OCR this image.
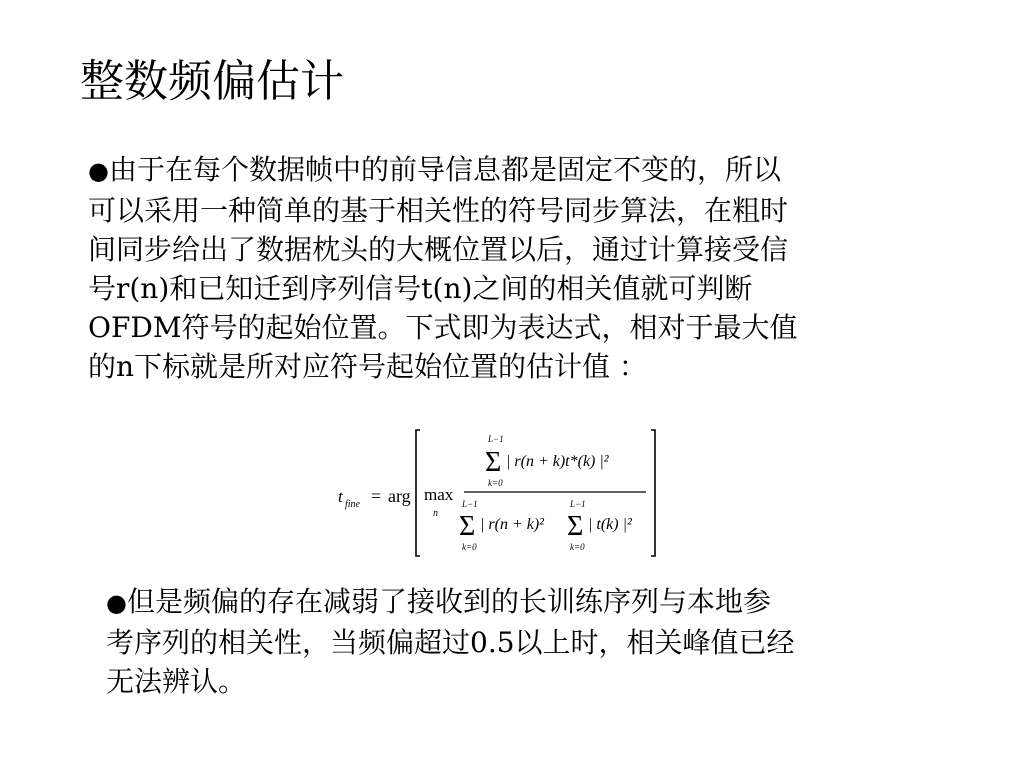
整数频偏估计
●由于在每个数据帧中的前导信息都是固定不变的，所以
可以采用一种简单的基于相关性的符号同步算法，在粗时
间同步给出了数据枕头的大概位置以后，通过计算接受信
号r(n)和已知迁到序列信号t(n)之间的相关值就可判断
OFDM符号的起始位置。下式即为表达式，相对于最大值
的n下标就是所对应符号起始位置的估计值 ：
t fine = arg max
n
L−1
Σ
k=0
| r(n + k)t*(k) |²
L−1
Σ
k=0
| r(n + k)²
L−1
Σ
k=0
| t(k) |²
●但是频偏的存在减弱了接收到的长训练序列与本地参
考序列的相关性，当频偏超过0.5以上时，相关峰值已经
无法辨认。
